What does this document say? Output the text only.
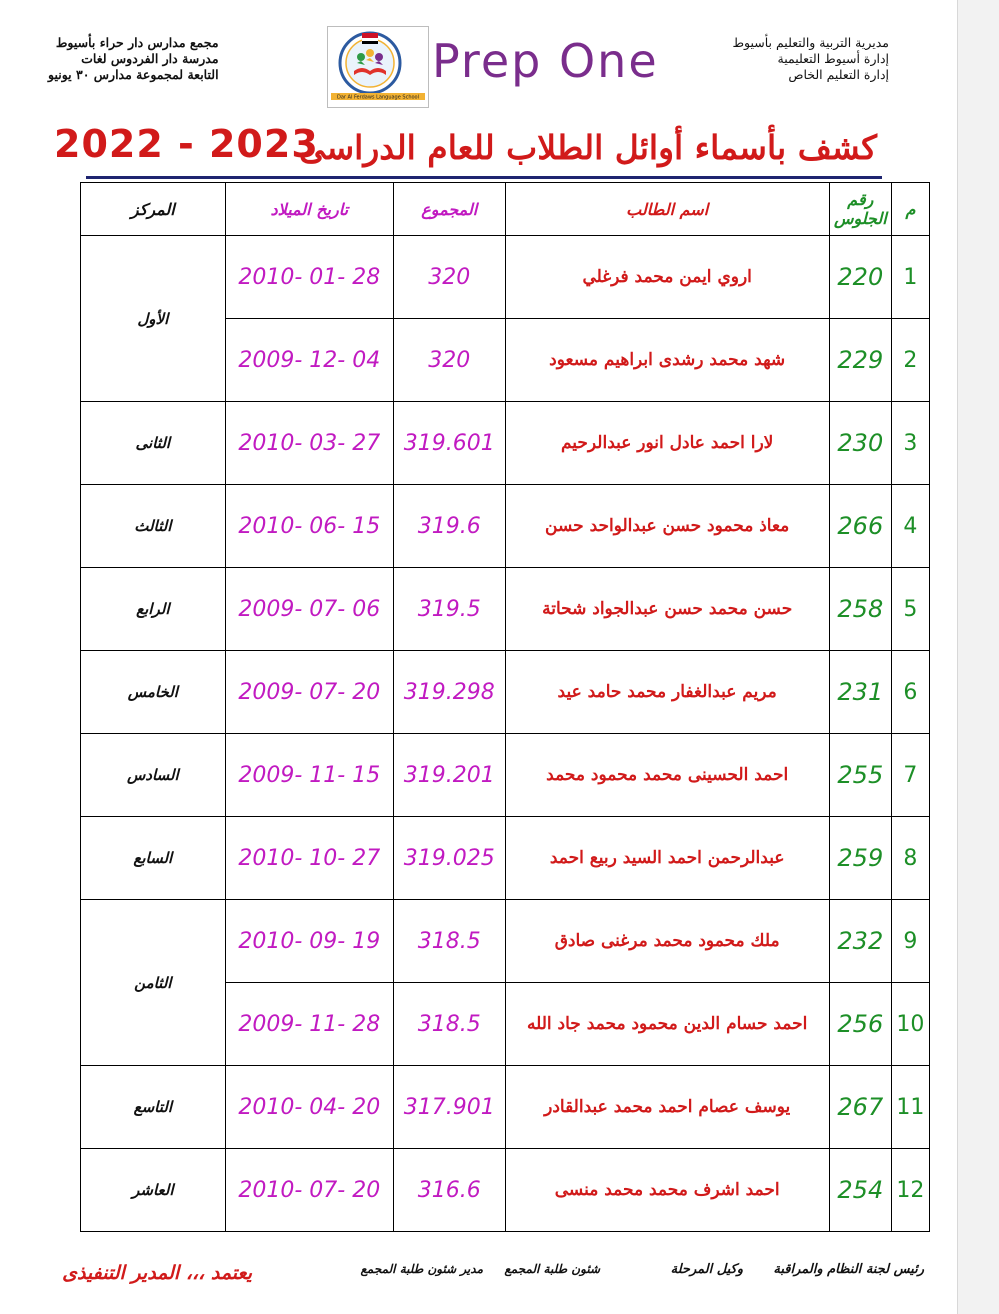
مديرية التربية والتعليم بأسيوط
إدارة أسيوط التعليمية
إدارة التعليم الخاص
مجمع مدارس دار حراء بأسيوط
مدرسة دار الفردوس لغات
التابعة لمجموعة مدارس ٣٠ يونيو
Dar Al Ferdaws Language School
Prep One
كشف بأسماء أوائل الطلاب للعام الدراسى
2022 - 2023
م	رقم الجلوس	اسم الطالب	المجموع	تاريخ الميلاد	المركز
1	220	اروي ايمن محمد فرغلي	320	2010- 01- 28	الأول
2	229	شهد محمد رشدى ابراهيم مسعود	320	2009- 12- 04	
3	230	لارا احمد عادل انور عبدالرحيم	319.601	2010- 03- 27	الثانى
4	266	معاذ محمود حسن عبدالواحد حسن	319.6	2010- 06- 15	الثالث
5	258	حسن محمد حسن عبدالجواد شحاتة	319.5	2009- 07- 06	الرابع
6	231	مريم عبدالغفار محمد حامد عيد	319.298	2009- 07- 20	الخامس
7	255	احمد الحسينى محمد محمود محمد	319.201	2009- 11- 15	السادس
8	259	عبدالرحمن احمد السيد ربيع احمد	319.025	2010- 10- 27	السابع
9	232	ملك محمود محمد مرغنى صادق	318.5	2010- 09- 19	الثامن
10	256	احمد حسام الدين محمود محمد جاد الله	318.5	2009- 11- 28	
11	267	يوسف عصام احمد محمد عبدالقادر	317.901	2010- 04- 20	التاسع
12	254	احمد اشرف محمد محمد منسى	316.6	2010- 07- 20	العاشر
رئيس لجنة النظام والمراقبة
وكيل المرحلة
شئون طلبة المجمع
مدير شئون طلبة المجمع
يعتمد ،،، المدير التنفيذى
